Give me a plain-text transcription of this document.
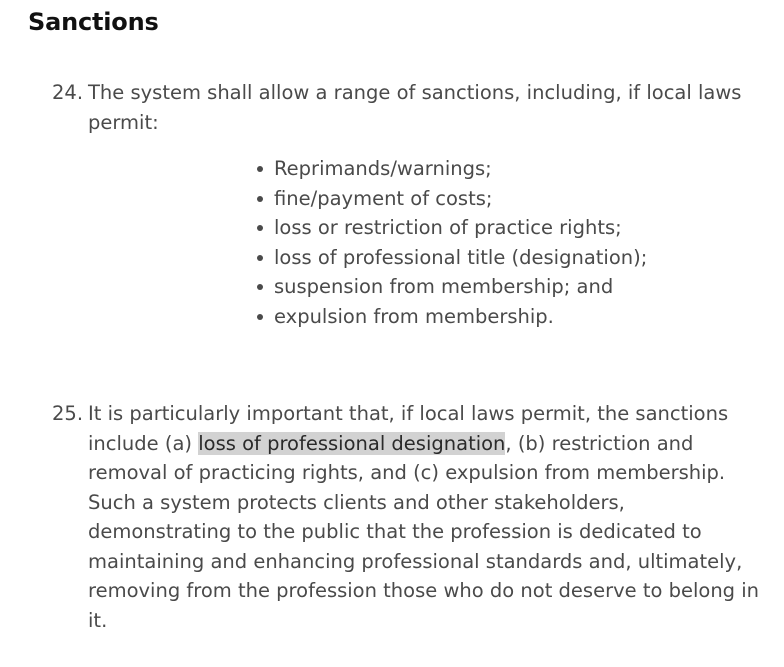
Sanctions
24. The system shall allow a range of sanctions, including, if local laws permit:
Reprimands/warnings;
fine/payment of costs;
loss or restriction of practice rights;
loss of professional title (designation);
suspension from membership; and
expulsion from membership.
25. It is particularly important that, if local laws permit, the sanctions include (a) loss of professional designation, (b) restriction and removal of practicing rights, and (c) expulsion from membership. Such a system protects clients and other stakeholders, demonstrating to the public that the profession is dedicated to maintaining and enhancing professional standards and, ultimately, removing from the profession those who do not deserve to belong in it.
